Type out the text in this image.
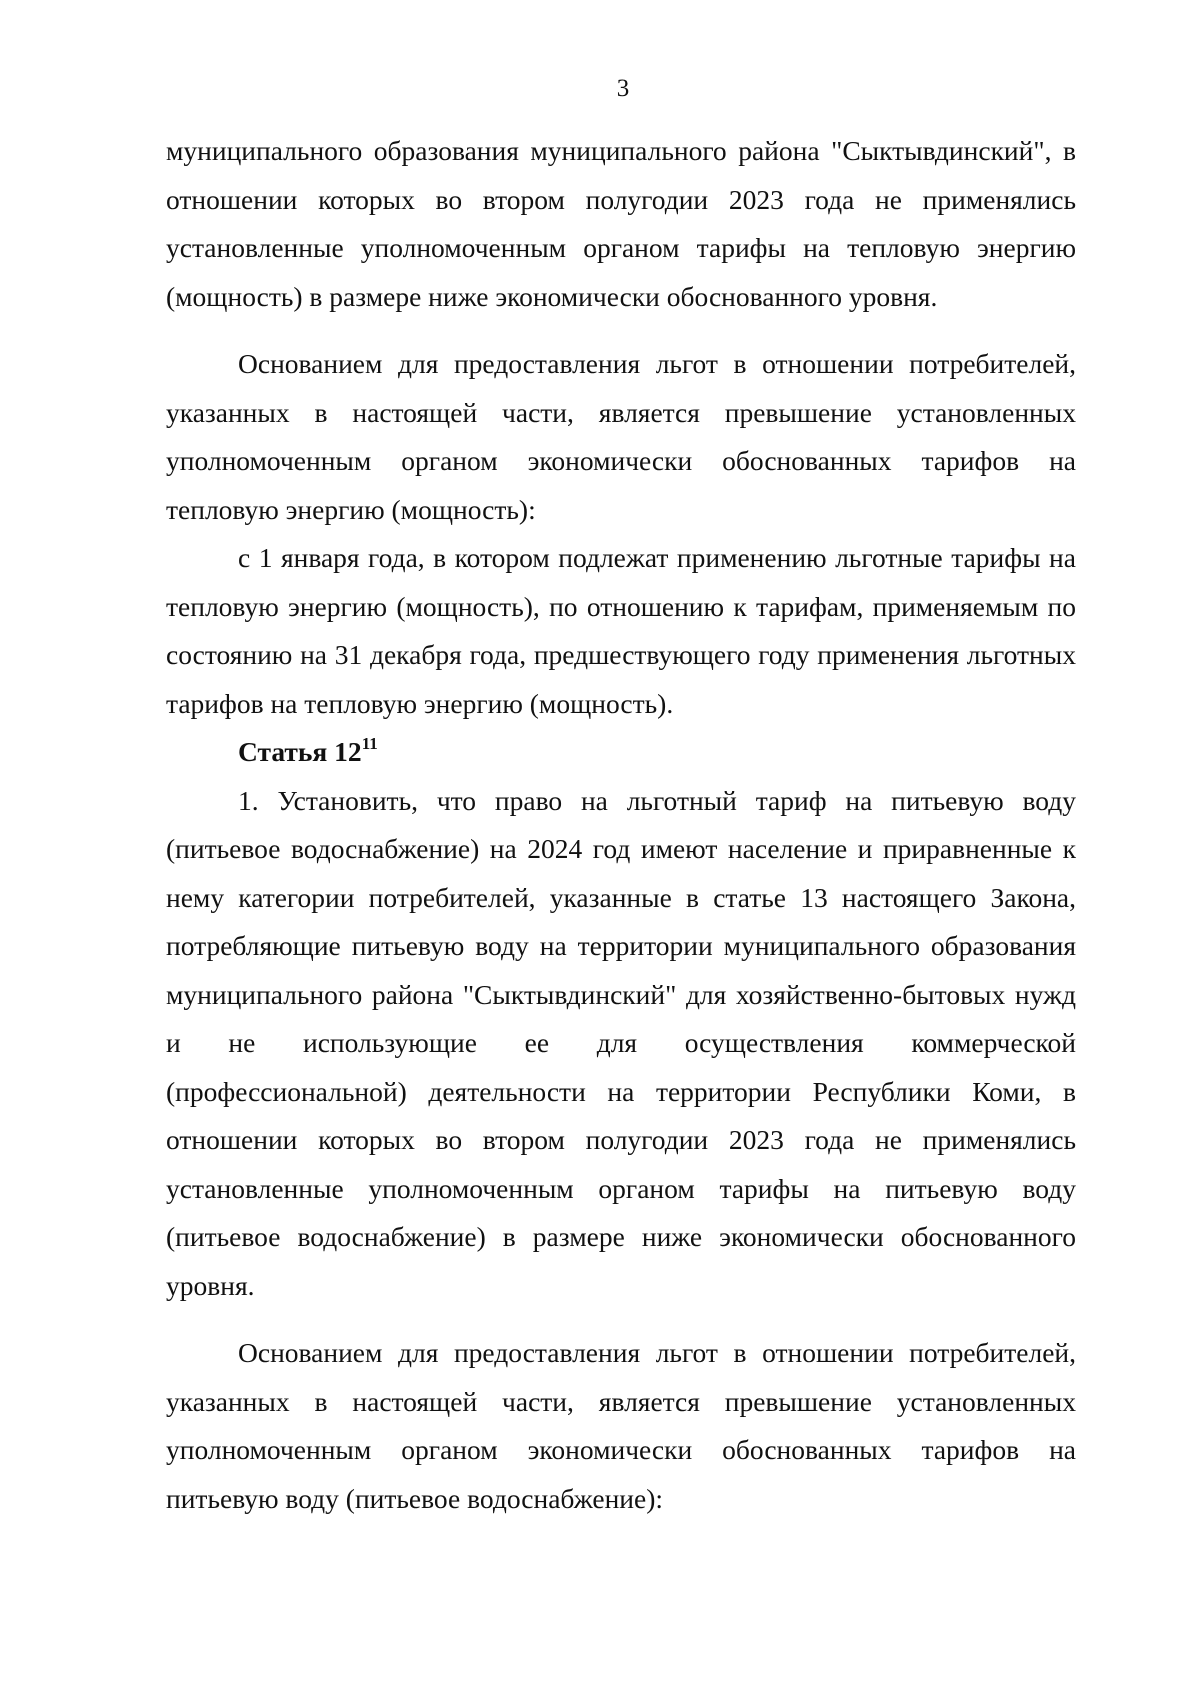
3

муниципального образования муниципального района "Сыктывдинский", в отношении которых во втором полугодии 2023 года не применялись установленные уполномоченным органом тарифы на тепловую энергию (мощность) в размере ниже экономически обоснованного уровня.

Основанием для предоставления льгот в отношении потребителей, указанных в настоящей части, является превышение установленных уполномоченным органом экономически обоснованных тарифов на тепловую энергию (мощность):

с 1 января года, в котором подлежат применению льготные тарифы на тепловую энергию (мощность), по отношению к тарифам, применяемым по состоянию на 31 декабря года, предшествующего году применения льготных тарифов на тепловую энергию (мощность).

Статья $12^{11}$

1. Установить, что право на льготный тариф на питьевую воду (питьевое водоснабжение) на 2024 год имеют население и приравненные к нему категории потребителей, указанные в статье 13 настоящего Закона, потребляющие питьевую воду на территории муниципального образования муниципального района "Сыктывдинский" для хозяйственно-бытовых нужд и не использующие ее для осуществления коммерческой (профессиональной) деятельности на территории Республики Коми, в отношении которых во втором полугодии 2023 года не применялись установленные уполномоченным органом тарифы на питьевую воду (питьевое водоснабжение) в размере ниже экономически обоснованного уровня.

Основанием для предоставления льгот в отношении потребителей, указанных в настоящей части, является превышение установленных уполномоченным органом экономически обоснованных тарифов на питьевую воду (питьевое водоснабжение):
